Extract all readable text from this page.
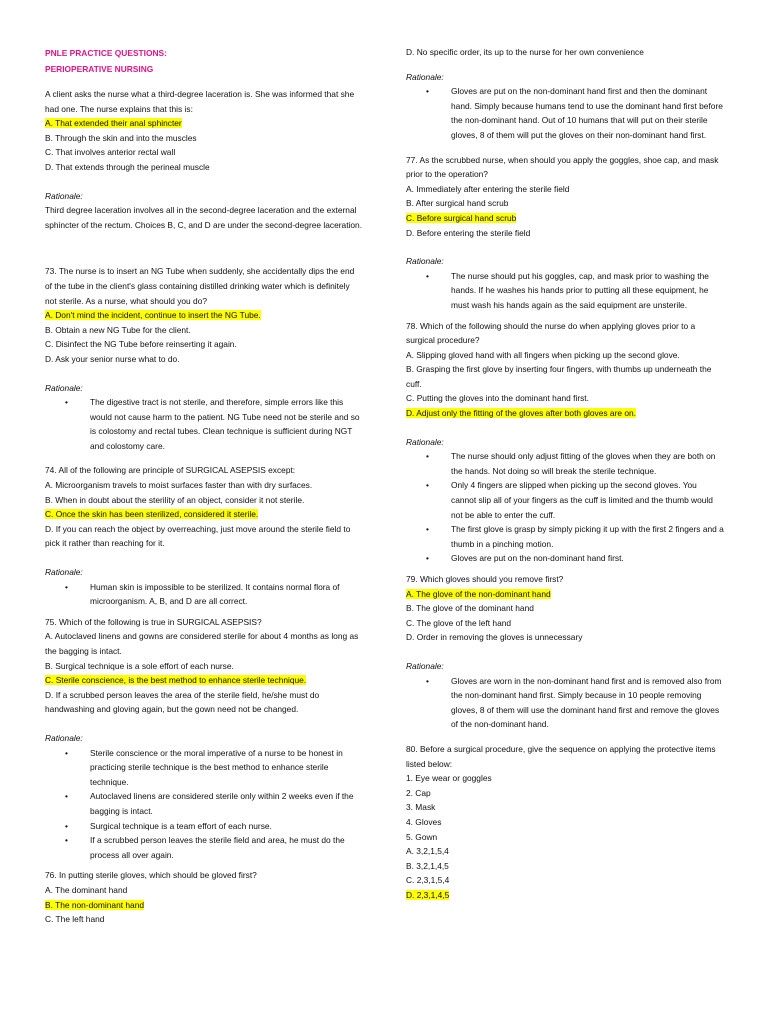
PNLE PRACTICE QUESTIONS:
PERIOPERATIVE NURSING

A client asks the nurse what a third-degree laceration is. She was informed that she had one. The nurse explains that this is:

A. That extended their anal sphincter

B. Through the skin and into the muscles

C. That involves anterior rectal wall

D. That extends through the perineal muscle

Rationale:

Third degree laceration involves all in the second-degree laceration and the external sphincter of the rectum. Choices B, C, and D are under the second-degree laceration.

73. The nurse is to insert an NG Tube when suddenly, she accidentally dips the end of the tube in the client's glass containing distilled drinking water which is definitely not sterile. As a nurse, what should you do?

A. Don't mind the incident, continue to insert the NG Tube.

B. Obtain a new NG Tube for the client.

C. Disinfect the NG Tube before reinserting it again.

D. Ask your senior nurse what to do.

Rationale:

• The digestive tract is not sterile, and therefore, simple errors like this would not cause harm to the patient. NG Tube need not be sterile and so is colostomy and rectal tubes. Clean technique is sufficient during NGT and colostomy care.

74. All of the following are principle of SURGICAL ASEPSIS except:

A. Microorganism travels to moist surfaces faster than with dry surfaces.

B. When in doubt about the sterility of an object, consider it not sterile.

C. Once the skin has been sterilized, considered it sterile.

D. If you can reach the object by overreaching, just move around the sterile field to pick it rather than reaching for it.

Rationale:

• Human skin is impossible to be sterilized. It contains normal flora of microorganism. A, B, and D are all correct.

75. Which of the following is true in SURGICAL ASEPSIS?

A. Autoclaved linens and gowns are considered sterile for about 4 months as long as the bagging is intact.

B. Surgical technique is a sole effort of each nurse.

C. Sterile conscience, is the best method to enhance sterile technique.

D. If a scrubbed person leaves the area of the sterile field, he/she must do handwashing and gloving again, but the gown need not be changed.

Rationale:

• Sterile conscience or the moral imperative of a nurse to be honest in practicing sterile technique is the best method to enhance sterile technique.
• Autoclaved linens are considered sterile only within 2 weeks even if the bagging is intact.
• Surgical technique is a team effort of each nurse.
• If a scrubbed person leaves the sterile field and area, he must do the process all over again.

76. In putting sterile gloves, which should be gloved first?

A. The dominant hand

B. The non-dominant hand

C. The left hand

D. No specific order, its up to the nurse for her own convenience

Rationale:

• Gloves are put on the non-dominant hand first and then the dominant hand. Simply because humans tend to use the dominant hand first before the non-dominant hand. Out of 10 humans that will put on their sterile gloves, 8 of them will put the gloves on their non-dominant hand first.

77. As the scrubbed nurse, when should you apply the goggles, shoe cap, and mask prior to the operation?

A. Immediately after entering the sterile field

B. After surgical hand scrub

C. Before surgical hand scrub

D. Before entering the sterile field

Rationale:

• The nurse should put his goggles, cap, and mask prior to washing the hands. If he washes his hands prior to putting all these equipment, he must wash his hands again as the said equipment are unsterile.

78. Which of the following should the nurse do when applying gloves prior to a surgical procedure?

A. Slipping gloved hand with all fingers when picking up the second glove.

B. Grasping the first glove by inserting four fingers, with thumbs up underneath the cuff.

C. Putting the gloves into the dominant hand first.

D. Adjust only the fitting of the gloves after both gloves are on.

Rationale:

• The nurse should only adjust fitting of the gloves when they are both on the hands. Not doing so will break the sterile technique.
• Only 4 fingers are slipped when picking up the second gloves. You cannot slip all of your fingers as the cuff is limited and the thumb would not be able to enter the cuff.
• The first glove is grasp by simply picking it up with the first 2 fingers and a thumb in a pinching motion.
• Gloves are put on the non-dominant hand first.

79. Which gloves should you remove first?

A. The glove of the non-dominant hand

B. The glove of the dominant hand

C. The glove of the left hand

D. Order in removing the gloves is unnecessary

Rationale:

• Gloves are worn in the non-dominant hand first and is removed also from the non-dominant hand first. Simply because in 10 people removing gloves, 8 of them will use the dominant hand first and remove the gloves of the non-dominant hand.

80. Before a surgical procedure, give the sequence on applying the protective items listed below:

1. Eye wear or goggles

2. Cap

3. Mask

4. Gloves

5. Gown

A. 3,2,1,5,4

B. 3,2,1,4,5

C. 2,3,1,5,4

D. 2,3,1,4,5
